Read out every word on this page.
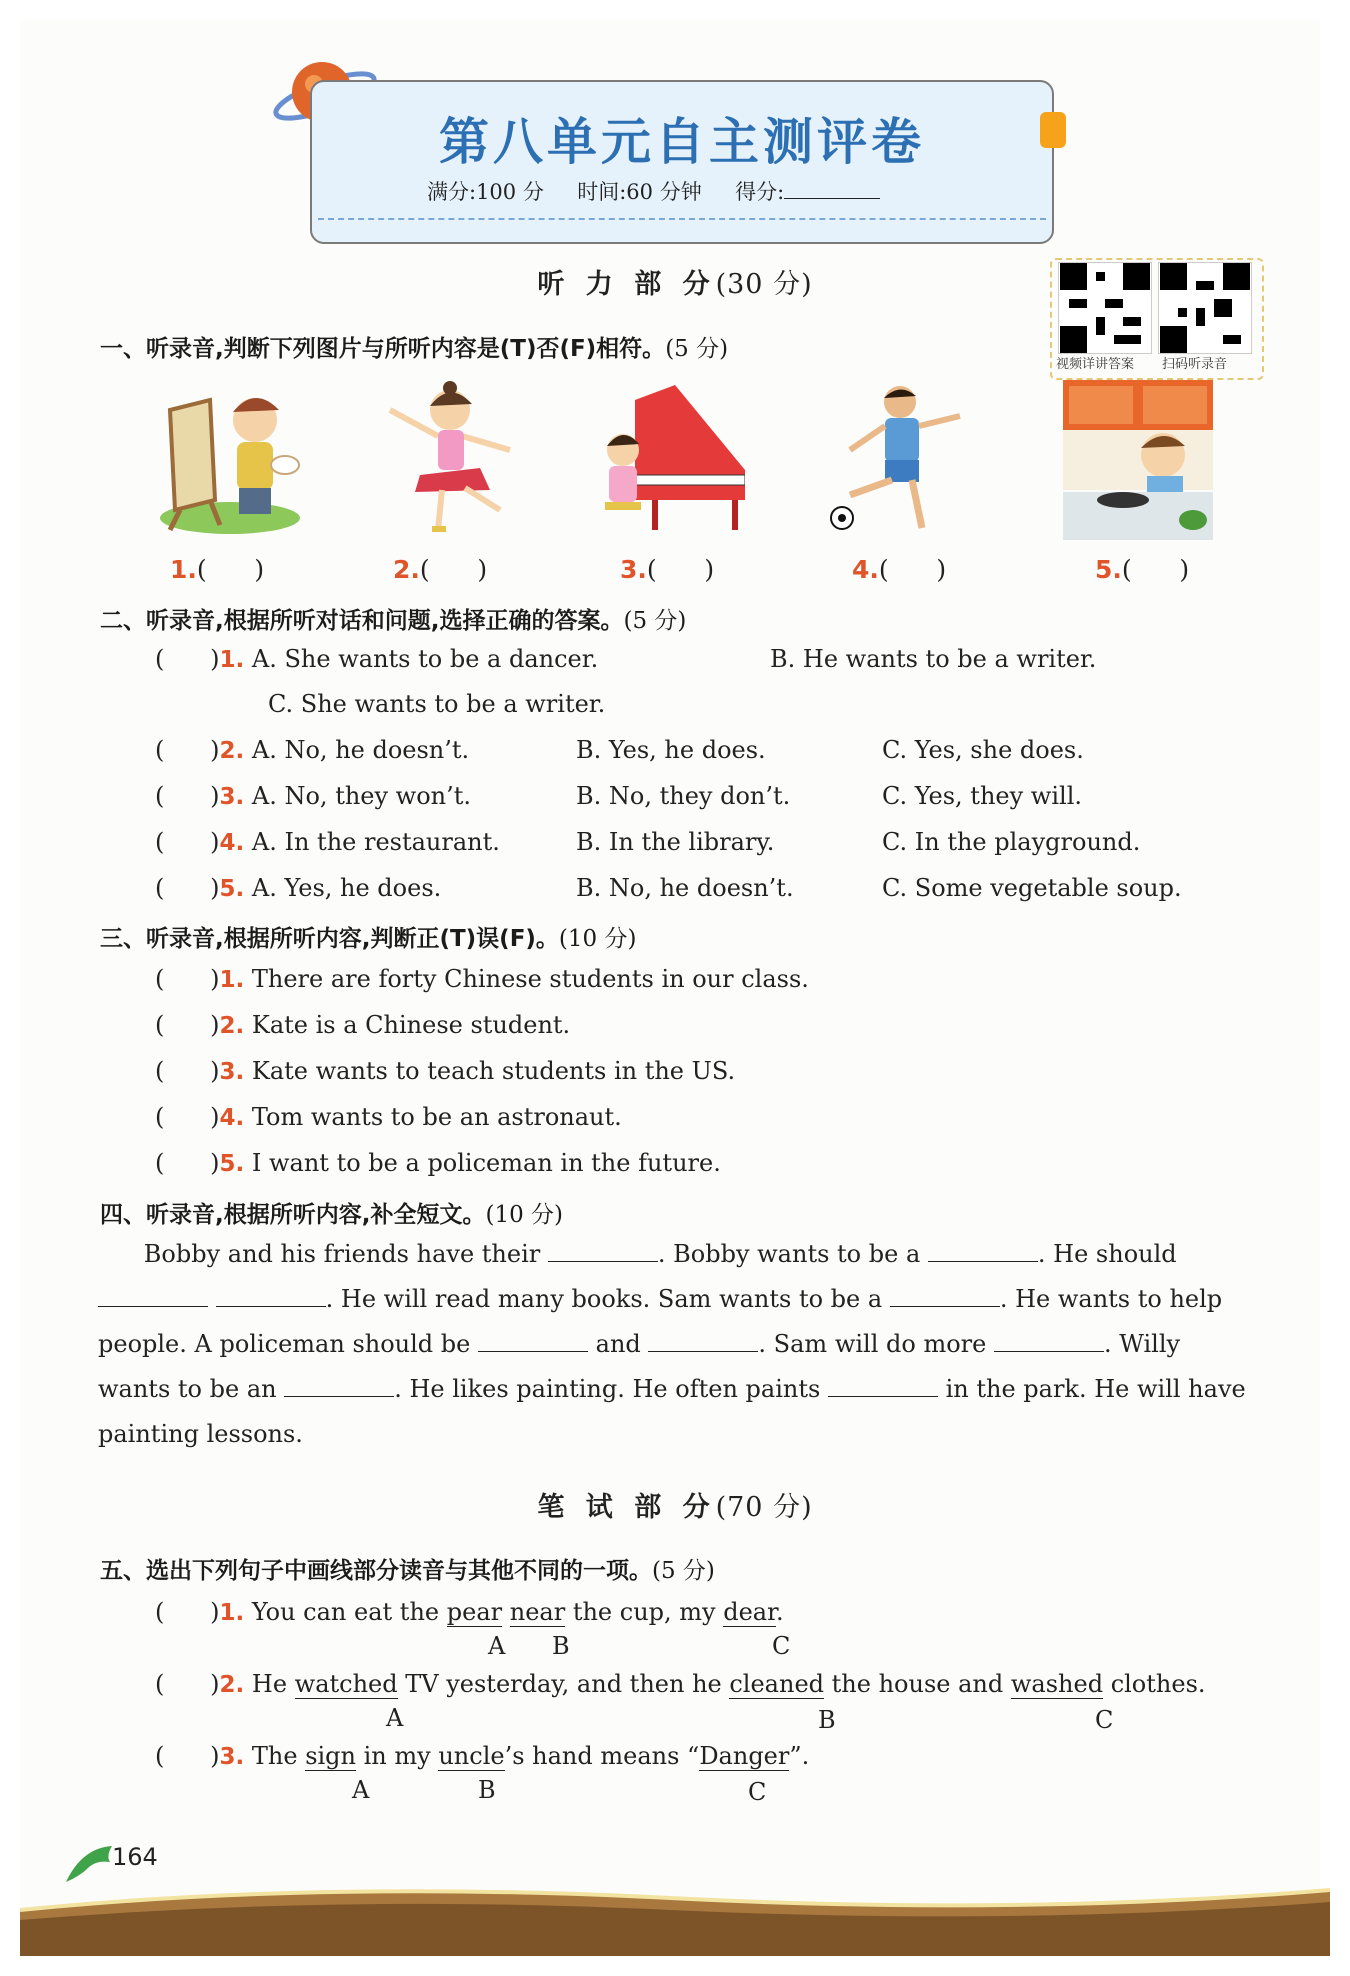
第八单元自主测评卷
满分:100 分 时间:60 分钟 得分:
视频详讲答案 扫码听录音
听 力 部 分(30 分)
一、听录音,判断下列图片与所听内容是(T)否(F)相符。(5 分)
1.(      )	2.(      )	3.(      )	4.(      )	5.(      )
二、听录音,根据所听对话和问题,选择正确的答案。(5 分)
(      )1. A. She wants to be a dancer.	B. He wants to be a writer.
C. She wants to be a writer.
(      )2. A. No, he doesn’t.	B. Yes, he does.	C. Yes, she does.
(      )3. A. No, they won’t.	B. No, they don’t.	C. Yes, they will.
(      )4. A. In the restaurant.	B. In the library.	C. In the playground.
(      )5. A. Yes, he does.	B. No, he doesn’t.	C. Some vegetable soup.
三、听录音,根据所听内容,判断正(T)误(F)。(10 分)
(      )1. There are forty Chinese students in our class.
(      )2. Kate is a Chinese student.
(      )3. Kate wants to teach students in the US.
(      )4. Tom wants to be an astronaut.
(      )5. I want to be a policeman in the future.
四、听录音,根据所听内容,补全短文。(10 分)
Bobby and his friends have their	. Bobby wants to be a	. He should
. He will read many books. Sam wants to be a	. He wants to help
people. A policeman should be	and	. Sam will do more	. Willy
wants to be an	. He likes painting. He often paints	in the park. He will have
painting lessons.
笔 试 部 分(70 分)
五、选出下列句子中画线部分读音与其他不同的一项。(5 分)
(      )1. You can eat the pear near the cup, my dear.
A B	C
(      )2. He watched TV yesterday, and then he cleaned the house and washed clothes.
A	B	C
(      )3. The sign in my uncle’s hand means “Danger”.
A	B	C
164
